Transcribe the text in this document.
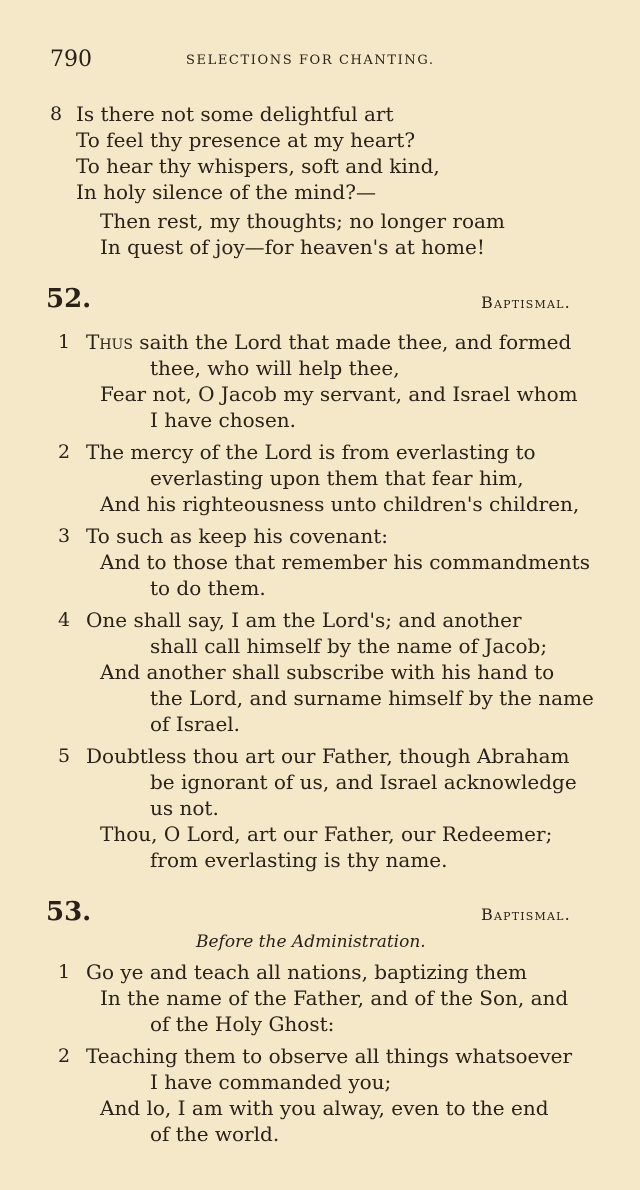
790	SELECTIONS FOR CHANTING.
8 Is there not some delightful art
To feel thy presence at my heart?
To hear thy whispers, soft and kind,
In holy silence of the mind?—
Then rest, my thoughts; no longer roam
In quest of joy—for heaven's at home!
52.	Baptismal.
1 Thus saith the Lord that made thee, and formed
thee, who will help thee,
Fear not, O Jacob my servant, and Israel whom
I have chosen.
2 The mercy of the Lord is from everlasting to
everlasting upon them that fear him,
And his righteousness unto children's children,
3 To such as keep his covenant:
And to those that remember his commandments
to do them.
4 One shall say, I am the Lord's; and another
shall call himself by the name of Jacob;
And another shall subscribe with his hand to
the Lord, and surname himself by the name
of Israel.
5 Doubtless thou art our Father, though Abraham
be ignorant of us, and Israel acknowledge
us not.
Thou, O Lord, art our Father, our Redeemer;
from everlasting is thy name.
53.	Baptismal.
Before the Administration.
1 Go ye and teach all nations, baptizing them
In the name of the Father, and of the Son, and
of the Holy Ghost:
2 Teaching them to observe all things whatsoever
I have commanded you;
And lo, I am with you alway, even to the end
of the world.
